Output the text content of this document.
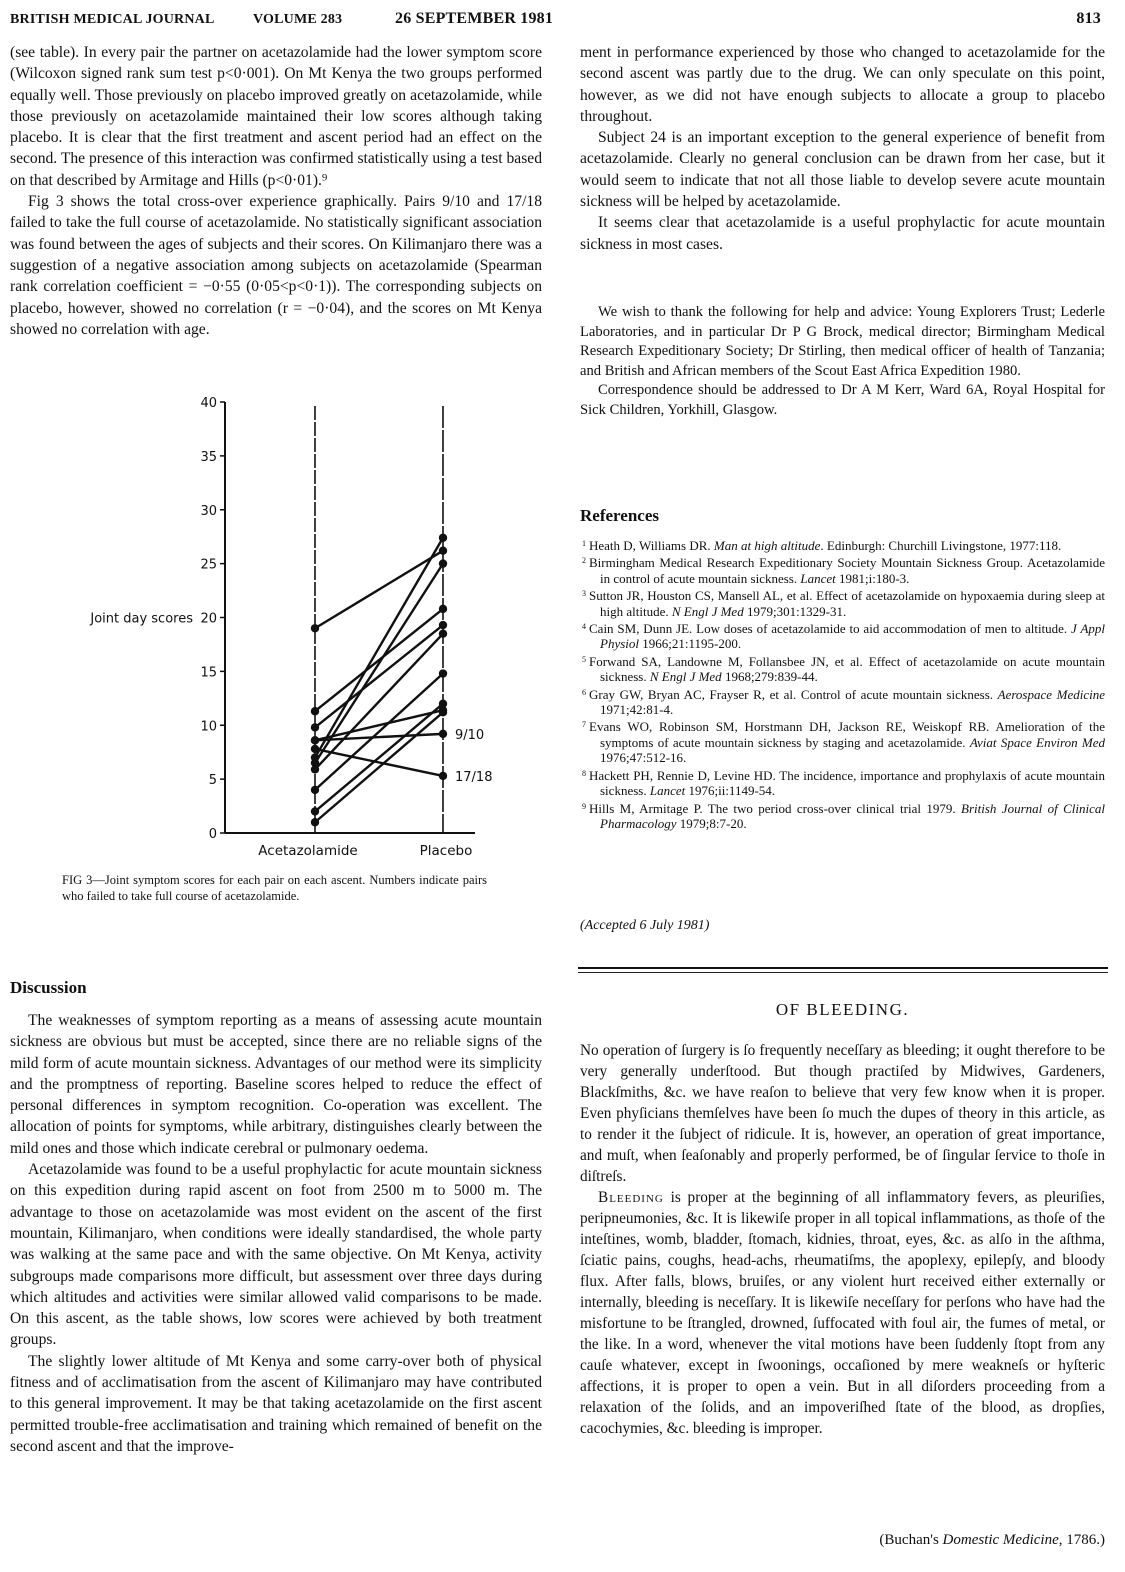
BRITISH MEDICAL JOURNAL	VOLUME 283	26 SEPTEMBER 1981	813

(see table). In every pair the partner on acetazolamide had the lower symptom score (Wilcoxon signed rank sum test p<0·001). On Mt Kenya the two groups performed equally well. Those previously on placebo improved greatly on acetazolamide, while those previously on acetazolamide maintained their low scores although taking placebo. It is clear that the first treatment and ascent period had an effect on the second. The presence of this interaction was confirmed statistically using a test based on that described by Armitage and Hills (p<0·01).⁹

Fig 3 shows the total cross-over experience graphically. Pairs 9/10 and 17/18 failed to take the full course of acetazolamide. No statistically significant association was found between the ages of subjects and their scores. On Kilimanjaro there was a suggestion of a negative association among subjects on acetazolamide (Spearman rank correlation coefficient = −0·55 (0·05<p<0·1)). The corresponding subjects on placebo, however, showed no correlation (r = −0·04), and the scores on Mt Kenya showed no correlation with age.

0
5
10
15
20
25
30
35
40
Joint day scores
Acetazolamide	Placebo
9/10
17/18
FIG 3—Joint symptom scores for each pair on each ascent. Numbers indicate pairs who failed to take full course of acetazolamide.
Discussion

The weaknesses of symptom reporting as a means of assessing acute mountain sickness are obvious but must be accepted, since there are no reliable signs of the mild form of acute mountain sickness. Advantages of our method were its simplicity and the promptness of reporting. Baseline scores helped to reduce the effect of personal differences in symptom recognition. Co-operation was excellent. The allocation of points for symptoms, while arbitrary, distinguishes clearly between the mild ones and those which indicate cerebral or pulmonary oedema.

Acetazolamide was found to be a useful prophylactic for acute mountain sickness on this expedition during rapid ascent on foot from 2500 m to 5000 m. The advantage to those on acetazolamide was most evident on the ascent of the first mountain, Kilimanjaro, when conditions were ideally standardised, the whole party was walking at the same pace and with the same objective. On Mt Kenya, activity subgroups made comparisons more difficult, but assessment over three days during which altitudes and activities were similar allowed valid comparisons to be made. On this ascent, as the table shows, low scores were achieved by both treatment groups.

The slightly lower altitude of Mt Kenya and some carry-over both of physical fitness and of acclimatisation from the ascent of Kilimanjaro may have contributed to this general improvement. It may be that taking acetazolamide on the first ascent permitted trouble-free acclimatisation and training which remained of benefit on the second ascent and that the improve-

ment in performance experienced by those who changed to acetazolamide for the second ascent was partly due to the drug. We can only speculate on this point, however, as we did not have enough subjects to allocate a group to placebo throughout.

Subject 24 is an important exception to the general experience of benefit from acetazolamide. Clearly no general conclusion can be drawn from her case, but it would seem to indicate that not all those liable to develop severe acute mountain sickness will be helped by acetazolamide.

It seems clear that acetazolamide is a useful prophylactic for acute mountain sickness in most cases.

We wish to thank the following for help and advice: Young Explorers Trust; Lederle Laboratories, and in particular Dr P G Brock, medical director; Birmingham Medical Research Expeditionary Society; Dr Stirling, then medical officer of health of Tanzania; and British and African members of the Scout East Africa Expedition 1980.

Correspondence should be addressed to Dr A M Kerr, Ward 6A, Royal Hospital for Sick Children, Yorkhill, Glasgow.

References
$^1$ Heath D, Williams DR. Man at high altitude. Edinburgh: Churchill Livingstone, 1977:118.
$^2$ Birmingham Medical Research Expeditionary Society Mountain Sickness Group. Acetazolamide in control of acute mountain sickness. Lancet 1981;i:180-3.
$^3$ Sutton JR, Houston CS, Mansell AL, et al. Effect of acetazolamide on hypoxaemia during sleep at high altitude. N Engl J Med 1979;301:1329-31.
$^4$ Cain SM, Dunn JE. Low doses of acetazolamide to aid accommodation of men to altitude. J Appl Physiol 1966;21:1195-200.
$^5$ Forwand SA, Landowne M, Follansbee JN, et al. Effect of acetazolamide on acute mountain sickness. N Engl J Med 1968;279:839-44.
$^6$ Gray GW, Bryan AC, Frayser R, et al. Control of acute mountain sickness. Aerospace Medicine 1971;42:81-4.
$^7$ Evans WO, Robinson SM, Horstmann DH, Jackson RE, Weiskopf RB. Amelioration of the symptoms of acute mountain sickness by staging and acetazolamide. Aviat Space Environ Med 1976;47:512-16.
$^8$ Hackett PH, Rennie D, Levine HD. The incidence, importance and prophylaxis of acute mountain sickness. Lancet 1976;ii:1149-54.
$^9$ Hills M, Armitage P. The two period cross-over clinical trial 1979. British Journal of Clinical Pharmacology 1979;8:7-20.
(Accepted 6 July 1981)
OF BLEEDING.

No operation of ſurgery is ſo frequently neceſſary as bleeding; it ought therefore to be very generally underſtood. But though practiſed by Midwives, Gardeners, Blackſmiths, &c. we have reaſon to believe that very few know when it is proper. Even phyſicians themſelves have been ſo much the dupes of theory in this article, as to render it the ſubject of ridicule. It is, however, an operation of great importance, and muſt, when ſeaſonably and properly performed, be of ſingular ſervice to thoſe in diſtreſs.

Bleeding is proper at the beginning of all inflammatory fevers, as pleuriſies, peripneumonies, &c. It is likewiſe proper in all topical inflammations, as thoſe of the inteſtines, womb, bladder, ſtomach, kidnies, throat, eyes, &c. as alſo in the aſthma, ſciatic pains, coughs, head-achs, rheumatiſms, the apoplexy, epilepſy, and bloody flux. After falls, blows, bruiſes, or any violent hurt received either externally or internally, bleeding is neceſſary. It is likewiſe neceſſary for perſons who have had the misfortune to be ſtrangled, drowned, ſuffocated with foul air, the fumes of metal, or the like. In a word, whenever the vital motions have been ſuddenly ſtopt from any cauſe whatever, except in ſwoonings, occaſioned by mere weakneſs or hyſteric affections, it is proper to open a vein. But in all diſorders proceeding from a relaxation of the ſolids, and an impoveriſhed ſtate of the blood, as dropſies, cacochymies, &c. bleeding is improper.

(Buchan's Domestic Medicine, 1786.)
